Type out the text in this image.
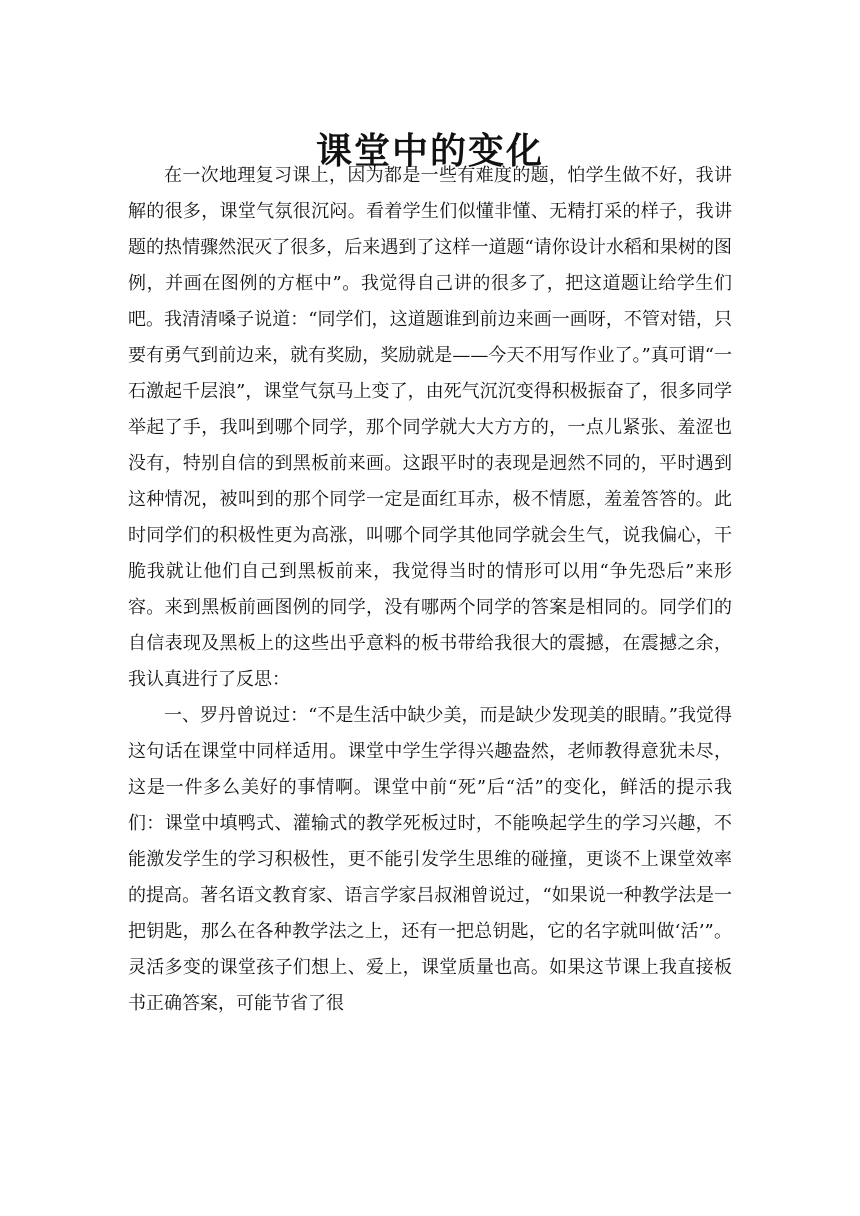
课堂中的变化

在一次地理复习课上，因为都是一些有难度的题，怕学生做不好，我讲解的很多，课堂气氛很沉闷。看着学生们似懂非懂、无精打采的样子，我讲题的热情骤然泯灭了很多，后来遇到了这样一道题“请你设计水稻和果树的图例，并画在图例的方框中”。我觉得自己讲的很多了，把这道题让给学生们吧。我清清嗓子说道：“同学们，这道题谁到前边来画一画呀，不管对错，只要有勇气到前边来，就有奖励，奖励就是——今天不用写作业了。”真可谓“一石激起千层浪”，课堂气氛马上变了，由死气沉沉变得积极振奋了，很多同学举起了手，我叫到哪个同学，那个同学就大大方方的，一点儿紧张、羞涩也没有，特别自信的到黑板前来画。这跟平时的表现是迥然不同的，平时遇到这种情况，被叫到的那个同学一定是面红耳赤，极不情愿，羞羞答答的。此时同学们的积极性更为高涨，叫哪个同学其他同学就会生气，说我偏心，干脆我就让他们自己到黑板前来，我觉得当时的情形可以用“争先恐后”来形容。来到黑板前画图例的同学，没有哪两个同学的答案是相同的。同学们的自信表现及黑板上的这些出乎意料的板书带给我很大的震撼，在震撼之余，我认真进行了反思：

一、罗丹曾说过：“不是生活中缺少美，而是缺少发现美的眼睛。”我觉得这句话在课堂中同样适用。课堂中学生学得兴趣盎然，老师教得意犹未尽，这是一件多么美好的事情啊。课堂中前“死”后“活”的变化，鲜活的提示我们：课堂中填鸭式、灌输式的教学死板过时，不能唤起学生的学习兴趣，不能激发学生的学习积极性，更不能引发学生思维的碰撞，更谈不上课堂效率的提高。著名语文教育家、语言学家吕叔湘曾说过，“如果说一种教学法是一把钥匙，那么在各种教学法之上，还有一把总钥匙，它的名字就叫做‘活’”。灵活多变的课堂孩子们想上、爱上，课堂质量也高。如果这节课上我直接板书正确答案，可能节省了很
